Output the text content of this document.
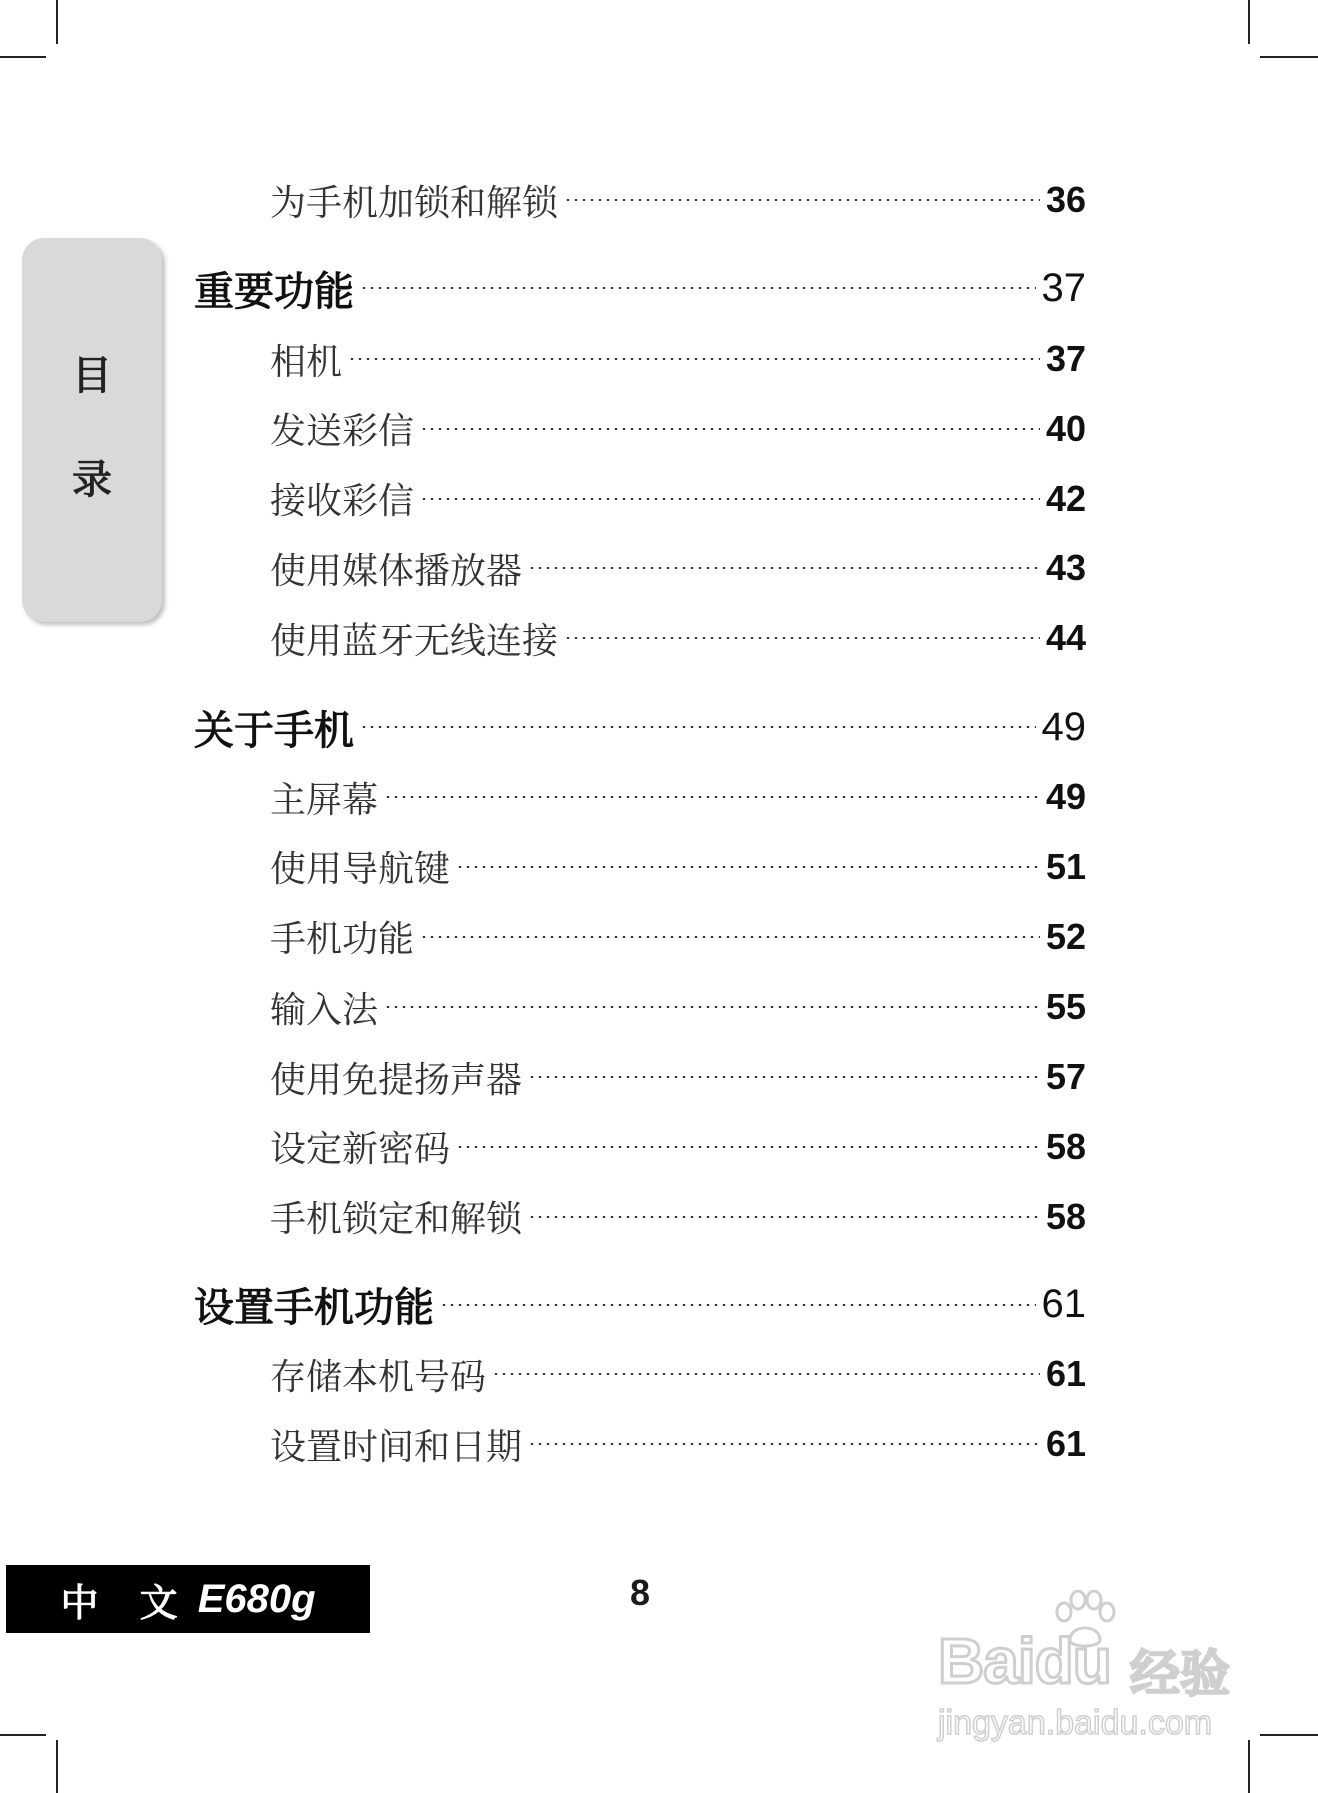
目
录
为手机加锁和解锁	36
重要功能	37
相机	37
发送彩信	40
接收彩信	42
使用媒体播放器	43
使用蓝牙无线连接	44
关于手机	49
主屏幕	49
使用导航键	51
手机功能	52
输入法	55
使用免提扬声器	57
设定新密码	58
手机锁定和解锁	58
设置手机功能	61
存储本机号码	61
设置时间和日期	61
中 文 E680g	8
Baidu 经验
jingyan.baidu.com
